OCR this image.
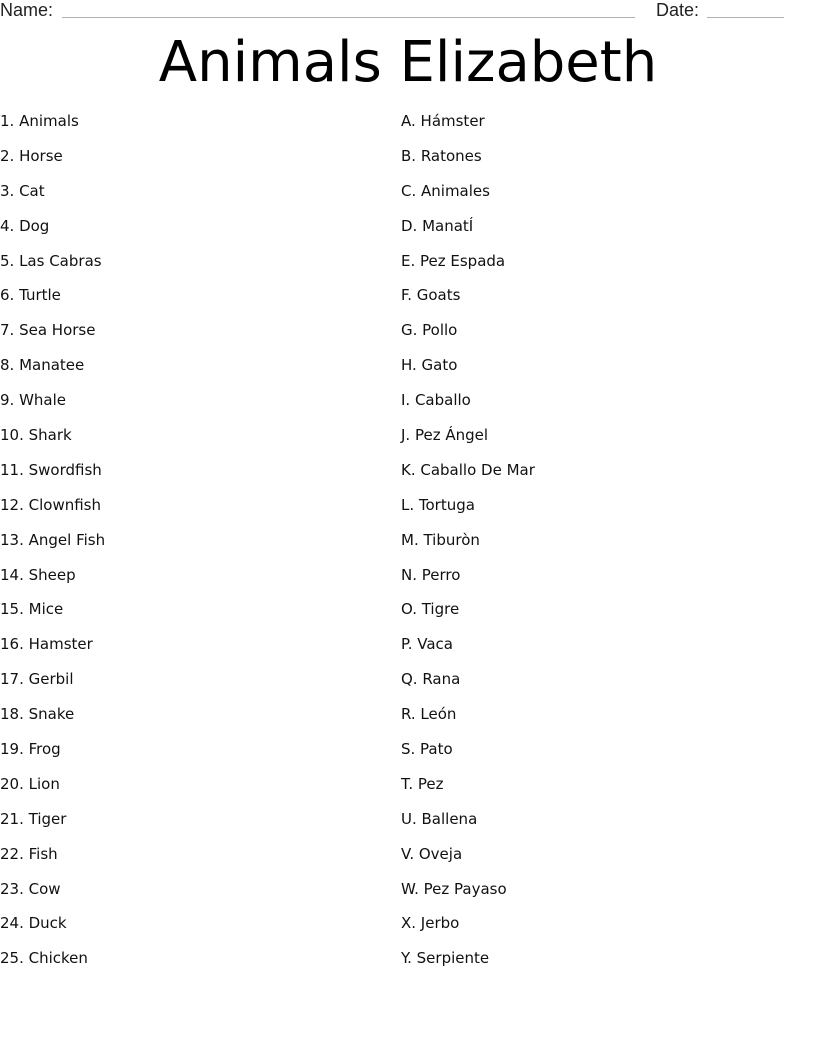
Name:	Date:
Animals Elizabeth
1. Animals
2. Horse
3. Cat
4. Dog
5. Las Cabras
6. Turtle
7. Sea Horse
8. Manatee
9. Whale
10. Shark
11. Swordfish
12. Clownfish
13. Angel Fish
14. Sheep
15. Mice
16. Hamster
17. Gerbil
18. Snake
19. Frog
20. Lion
21. Tiger
22. Fish
23. Cow
24. Duck
25. Chicken
A. Hámster
B. Ratones
C. Animales
D. ManatÍ
E. Pez Espada
F. Goats
G. Pollo
H. Gato
I. Caballo
J. Pez Ángel
K. Caballo De Mar
L. Tortuga
M. Tiburòn
N. Perro
O. Tigre
P. Vaca
Q. Rana
R. León
S. Pato
T. Pez
U. Ballena
V. Oveja
W. Pez Payaso
X. Jerbo
Y. Serpiente
